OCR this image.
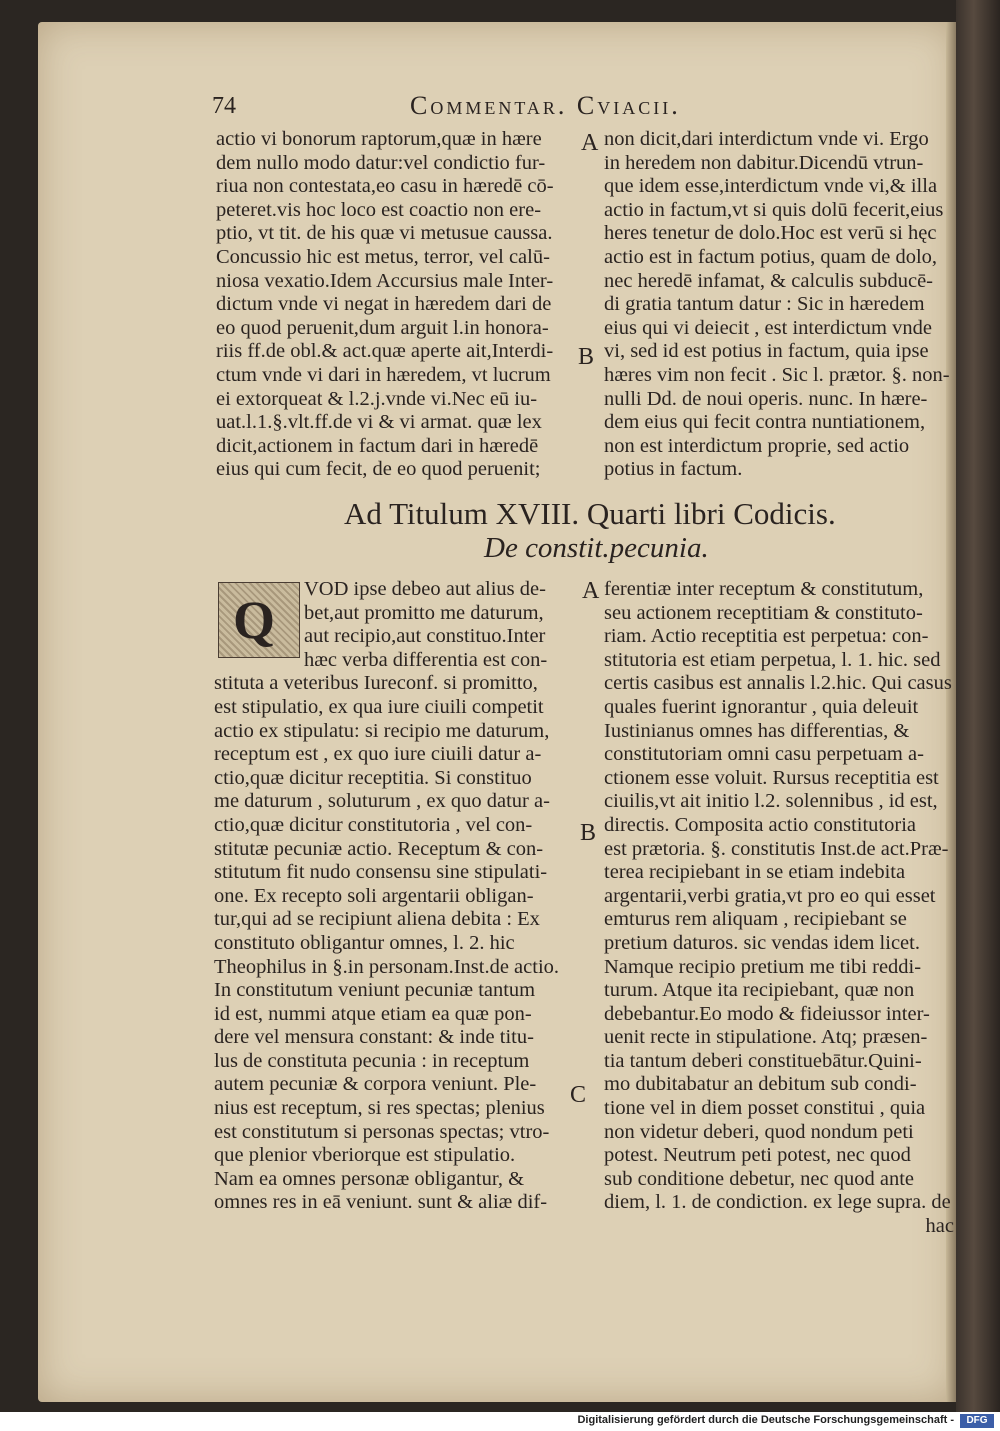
74	Commentar. Cviacii.
actio vi bonorum raptorum,quæ in hære
dem nullo modo datur:vel condictio fur-
riua non contestata,eo casu in hæredē cō-
peteret.vis hoc loco est coactio non ere-
ptio, vt tit. de his quæ vi metusue caussa.
Concussio hic est metus, terror, vel calū-
niosa vexatio.Idem Accursius male Inter-
dictum vnde vi negat in hæredem dari de
eo quod peruenit,dum arguit l.in honora-
riis ff.de obl.& act.quæ aperte ait,Interdi-
ctum vnde vi dari in hæredem, vt lucrum
ei extorqueat & l.2.j.vnde vi.Nec eū iu-
uat.l.1.§.vlt.ff.de vi & vi armat. quæ lex
dicit,actionem in factum dari in hæredē
eius qui cum fecit, de eo quod peruenit;
non dicit,dari interdictum vnde vi. Ergo
in heredem non dabitur.Dicendū vtrun-
que idem esse,interdictum vnde vi,& illa
actio in factum,vt si quis dolū fecerit,eius
heres tenetur de dolo.Hoc est verū si hęc
actio est in factum potius, quam de dolo,
nec heredē infamat, & calculis subducē-
di gratia tantum datur : Sic in hæredem
eius qui vi deiecit , est interdictum vnde
vi, sed id est potius in factum, quia ipse
hæres vim non fecit . Sic l. prætor. §. non-
nulli Dd. de noui operis. nunc. In hære-
dem eius qui fecit contra nuntiationem,
non est interdictum proprie, sed actio
potius in factum.
A
B
Ad Titulum XVIII. Quarti libri Codicis.
De constit.pecunia.
Q
VOD ipse debeo aut alius de-
bet,aut promitto me daturum,
aut recipio,aut constituo.Inter
hæc verba differentia est con-
stituta a veteribus Iureconf. si promitto,
est stipulatio, ex qua iure ciuili competit
actio ex stipulatu: si recipio me daturum,
receptum est , ex quo iure ciuili datur a-
ctio,quæ dicitur receptitia. Si constituo
me daturum , soluturum , ex quo datur a-
ctio,quæ dicitur constitutoria , vel con-
stitutæ pecuniæ actio. Receptum & con-
stitutum fit nudo consensu sine stipulati-
one. Ex recepto soli argentarii obligan-
tur,qui ad se recipiunt aliena debita : Ex
constituto obligantur omnes, l. 2. hic
Theophilus in §.in personam.Inst.de actio.
In constitutum veniunt pecuniæ tantum
id est, nummi atque etiam ea quæ pon-
dere vel mensura constant: & inde titu-
lus de constituta pecunia : in receptum
autem pecuniæ & corpora veniunt. Ple-
nius est receptum, si res spectas; plenius
est constitutum si personas spectas; vtro-
que plenior vberiorque est stipulatio.
Nam ea omnes personæ obligantur, &
omnes res in eā veniunt. sunt & aliæ dif-
ferentiæ inter receptum & constitutum,
seu actionem receptitiam & constituto-
riam. Actio receptitia est perpetua: con-
stitutoria est etiam perpetua, l. 1. hic. sed
certis casibus est annalis l.2.hic. Qui casus
quales fuerint ignorantur , quia deleuit
Iustinianus omnes has differentias, &
constitutoriam omni casu perpetuam a-
ctionem esse voluit. Rursus receptitia est
ciuilis,vt ait initio l.2. solennibus , id est,
directis. Composita actio constitutoria
est prætoria. §. constitutis Inst.de act.Præ-
terea recipiebant in se etiam indebita
argentarii,verbi gratia,vt pro eo qui esset
emturus rem aliquam , recipiebant se
pretium daturos. sic vendas idem licet.
Namque recipio pretium me tibi reddi-
turum. Atque ita recipiebant, quæ non
debebantur.Eo modo & fideiussor inter-
uenit recte in stipulatione. Atq; præsen-
tia tantum deberi constituebātur.Quini-
mo dubitabatur an debitum sub condi-
tione vel in diem posset constitui , quia
non videtur deberi, quod nondum peti
potest. Neutrum peti potest, nec quod
sub conditione debetur, nec quod ante
diem, l. 1. de condiction. ex lege supra. de
hac
A
B
C
Digitalisierung gefördert durch die Deutsche Forschungsgemeinschaft -	DFG
